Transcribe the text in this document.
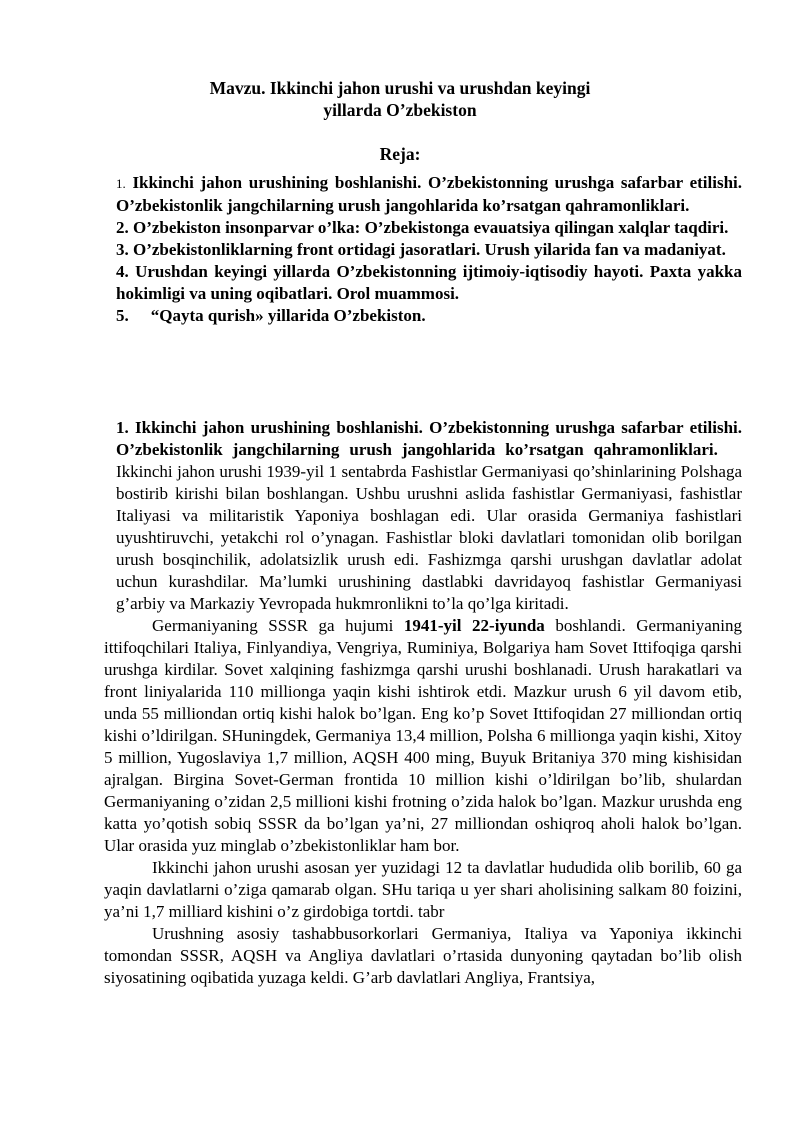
Mavzu. Ikkinchi jahon urushi va urushdan keyingi
yillarda O’zbekiston
Reja:

1. Ikkinchi jahon urushining boshlanishi. O’zbekistonning urushga safarbar etilishi. O’zbekistonlik jangchilarning urush jangohlarida ko’rsatgan qahramonliklari.

2. O’zbekiston insonparvar o’lka: O’zbekistonga evauatsiya qilingan xalqlar taqdiri.

3. O’zbekistonliklarning front ortidagi jasoratlari. Urush yilarida fan va madaniyat.

4. Urushdan keyingi yillarda O’zbekistonning ijtimoiy-iqtisodiy hayoti. Paxta yakka hokimligi va uning oqibatlari. Orol muammosi.

5. “Qayta qurish» yillarida O’zbekiston.

1. Ikkinchi jahon urushining boshlanishi. O’zbekistonning urushga safarbar etilishi. O’zbekistonlik jangchilarning urush jangohlarida ko’rsatgan qahramonliklari.    Ikkinchi jahon urushi 1939-yil 1 sentabrda Fashistlar Germaniyasi qo’shinlarining Polshaga bostirib kirishi bilan boshlangan. Ushbu urushni aslida fashistlar Germaniyasi, fashistlar Italiyasi va militaristik Yaponiya boshlagan edi. Ular orasida Germaniya fashistlari uyushtiruvchi, yetakchi rol o’ynagan. Fashistlar bloki davlatlari tomonidan olib borilgan urush bosqinchilik, adolatsizlik urush edi. Fashizmga qarshi urushgan davlatlar adolat uchun kurashdilar. Ma’lumki urushining dastlabki davridayoq fashistlar Germaniyasi g’arbiy va Markaziy Yevropada hukmronlikni to’la qo’lga kiritadi.

Germaniyaning SSSR ga hujumi 1941-yil 22-iyunda boshlandi. Germaniyaning ittifoqchilari Italiya, Finlyandiya, Vengriya, Ruminiya, Bolgariya ham Sovet Ittifoqiga qarshi urushga kirdilar. Sovet xalqining fashizmga qarshi urushi boshlanadi. Urush harakatlari va front liniyalarida 110 millionga yaqin kishi ishtirok etdi. Mazkur urush 6 yil davom etib, unda 55 milliondan ortiq kishi halok bo’lgan. Eng ko’p Sovet Ittifoqidan 27 milliondan ortiq kishi o’ldirilgan. SHuningdek, Germaniya 13,4 million, Polsha 6 millionga yaqin kishi, Xitoy 5 million, Yugoslaviya 1,7 million, AQSH 400 ming, Buyuk Britaniya 370 ming kishisidan ajralgan. Birgina Sovet-German frontida 10 million kishi o’ldirilgan bo’lib, shulardan Germaniyaning o’zidan 2,5 millioni kishi frotning o’zida halok bo’lgan. Mazkur urushda eng katta yo’qotish sobiq SSSR da bo’lgan ya’ni, 27 milliondan oshiqroq aholi halok bo’lgan. Ular orasida yuz minglab o’zbekistonliklar ham bor.

Ikkinchi jahon urushi asosan yer yuzidagi 12 ta davlatlar hududida olib borilib, 60 ga yaqin davlatlarni o’ziga qamarab olgan. SHu tariqa u yer shari aholisining salkam 80 foizini, ya’ni 1,7 milliard kishini o’z girdobiga tortdi. tabr

Urushning asosiy tashabbusorkorlari Germaniya, Italiya va Yaponiya ikkinchi tomondan SSSR, AQSH va Angliya davlatlari o’rtasida dunyoning qaytadan bo’lib olish siyosatining oqibatida yuzaga keldi. G’arb davlatlari Angliya, Frantsiya,
